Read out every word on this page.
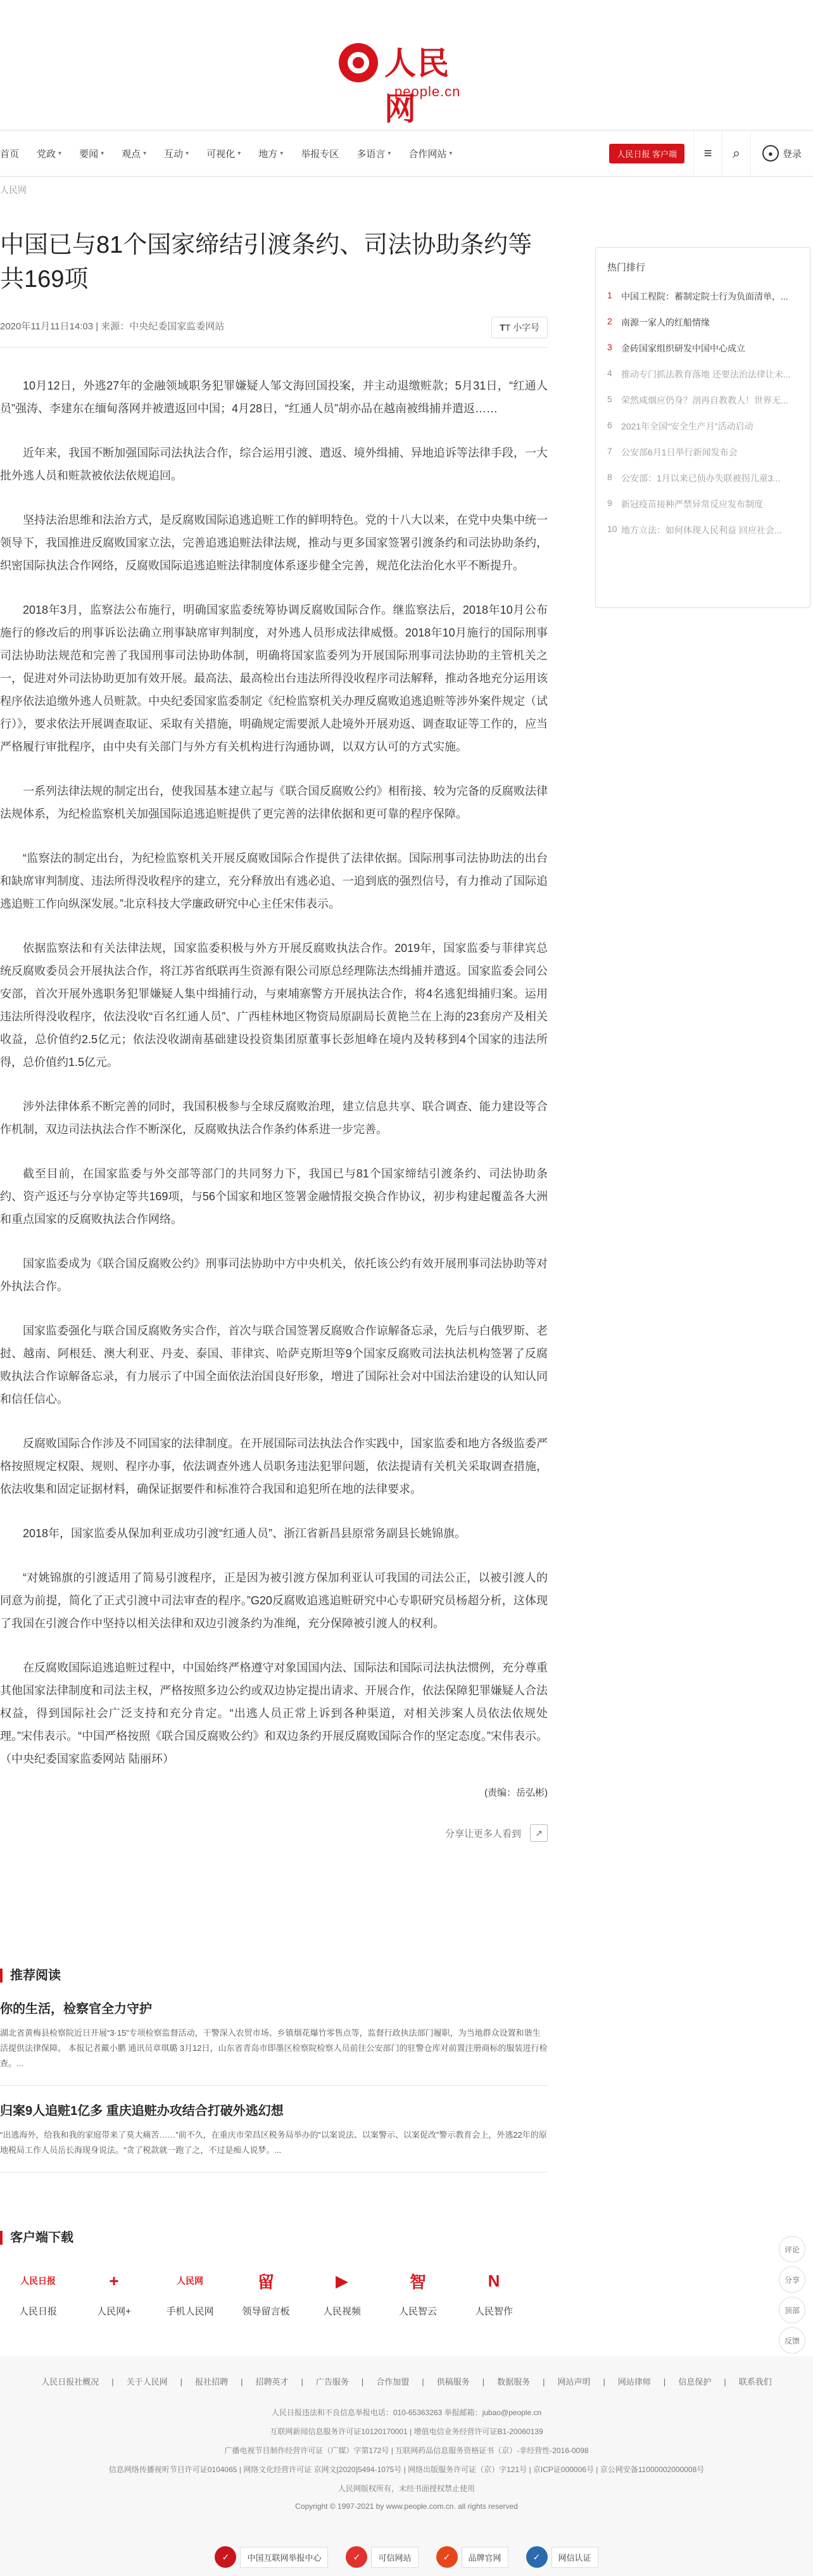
人民网
people.cn
首页 党政 ▾ 要闻 ▾ 观点 ▾ 互动 ▾ 可视化 ▾ 地方 ▾ 举报专区 多语言 ▾ 合作网站 ▾	人民日报 客户端	≡	⌕	●	登录
人民网
中国已与81个国家缔结引渡条约、司法协助条约等共169项
2020年11月11日14:03 | 来源：中央纪委国家监委网站	TT 小字号

10月12日，外逃27年的金融领域职务犯罪嫌疑人邹文海回国投案，并主动退缴赃款；5月31日，“红通人员”强涛、李建东在缅甸落网并被遣返回中国；4月28日，“红通人员”胡亦品在越南被缉捕并遣返……

近年来，我国不断加强国际司法执法合作，综合运用引渡、遣返、境外缉捕、异地追诉等法律手段，一大批外逃人员和赃款被依法依规追回。

坚持法治思维和法治方式，是反腐败国际追逃追赃工作的鲜明特色。党的十八大以来，在党中央集中统一领导下，我国推进反腐败国家立法，完善追逃追赃法律法规，推动与更多国家签署引渡条约和司法协助条约，织密国际执法合作网络，反腐败国际追逃追赃法律制度体系逐步健全完善，规范化法治化水平不断提升。

2018年3月，监察法公布施行，明确国家监委统筹协调反腐败国际合作。继监察法后，2018年10月公布施行的修改后的刑事诉讼法确立刑事缺席审判制度，对外逃人员形成法律威慑。2018年10月施行的国际刑事司法协助法规范和完善了我国刑事司法协助体制，明确将国家监委列为开展国际刑事司法协助的主管机关之一，促进对外司法协助更加有效开展。最高法、最高检出台违法所得没收程序司法解释，推动各地充分运用该程序依法追缴外逃人员赃款。中央纪委国家监委制定《纪检监察机关办理反腐败追逃追赃等涉外案件规定（试行）》，要求依法开展调查取证、采取有关措施，明确规定需要派人赴境外开展劝返、调查取证等工作的，应当严格履行审批程序，由中央有关部门与外方有关机构进行沟通协调，以双方认可的方式实施。

一系列法律法规的制定出台，使我国基本建立起与《联合国反腐败公约》相衔接、较为完备的反腐败法律法规体系，为纪检监察机关加强国际追逃追赃提供了更完善的法律依据和更可靠的程序保障。

“监察法的制定出台，为纪检监察机关开展反腐败国际合作提供了法律依据。国际刑事司法协助法的出台和缺席审判制度、违法所得没收程序的建立，充分释放出有逃必追、一追到底的强烈信号，有力推动了国际追逃追赃工作向纵深发展。”北京科技大学廉政研究中心主任宋伟表示。

依据监察法和有关法律法规，国家监委积极与外方开展反腐败执法合作。2019年，国家监委与菲律宾总统反腐败委员会开展执法合作，将江苏省纸联再生资源有限公司原总经理陈法杰缉捕并遣返。国家监委会同公安部，首次开展外逃职务犯罪嫌疑人集中缉捕行动，与柬埔寨警方开展执法合作，将4名逃犯缉捕归案。运用违法所得没收程序，依法没收“百名红通人员”、广西桂林地区物资局原副局长黄艳兰在上海的23套房产及相关收益，总价值约2.5亿元；依法没收湖南基础建设投资集团原董事长彭旭峰在境内及转移到4个国家的违法所得，总价值约1.5亿元。

涉外法律体系不断完善的同时，我国积极参与全球反腐败治理，建立信息共享、联合调查、能力建设等合作机制，双边司法执法合作不断深化，反腐败执法合作条约体系进一步完善。

截至目前，在国家监委与外交部等部门的共同努力下，我国已与81个国家缔结引渡条约、司法协助条约、资产返还与分享协定等共169项，与56个国家和地区签署金融情报交换合作协议，初步构建起覆盖各大洲和重点国家的反腐败执法合作网络。

国家监委成为《联合国反腐败公约》刑事司法协助中方中央机关，依托该公约有效开展刑事司法协助等对外执法合作。

国家监委强化与联合国反腐败务实合作，首次与联合国签署反腐败合作谅解备忘录，先后与白俄罗斯、老挝、越南、阿根廷、澳大利亚、丹麦、泰国、菲律宾、哈萨克斯坦等9个国家反腐败司法执法机构签署了反腐败执法合作谅解备忘录，有力展示了中国全面依法治国良好形象，增进了国际社会对中国法治建设的认知认同和信任信心。

反腐败国际合作涉及不同国家的法律制度。在开展国际司法执法合作实践中，国家监委和地方各级监委严格按照规定权限、规则、程序办事，依法调查外逃人员职务违法犯罪问题，依法提请有关机关采取调查措施，依法收集和固定证据材料，确保证据要件和标准符合我国和追犯所在地的法律要求。

2018年，国家监委从保加利亚成功引渡“红通人员”、浙江省新昌县原常务副县长姚锦旗。

“对姚锦旗的引渡适用了简易引渡程序，正是因为被引渡方保加利亚认可我国的司法公正，以被引渡人的同意为前提，简化了正式引渡中司法审查的程序。”G20反腐败追逃追赃研究中心专职研究员杨超分析，这体现了我国在引渡合作中坚持以相关法律和双边引渡条约为准绳，充分保障被引渡人的权利。

在反腐败国际追逃追赃过程中，中国始终严格遵守对象国国内法、国际法和国际司法执法惯例，充分尊重其他国家法律制度和司法主权，严格按照多边公约或双边协定提出请求、开展合作，依法保障犯罪嫌疑人合法权益，得到国际社会广泛支持和充分肯定。“出逃人员正常上诉到各种渠道，对相关涉案人员依法依规处理。”宋伟表示。“中国严格按照《联合国反腐败公约》和双边条约开展反腐败国际合作的坚定态度。”宋伟表示。（中央纪委国家监委网站 陆丽环）

(责编：岳弘彬)
分享让更多人看到	↗
热门排行
1	中国工程院：蓄制定院士行为负面清单，...
2	南源一家人的红船情缘
3	金砖国家组织研发中国中心成立
4	推动专门抓法教育落地 还要法治法律让未...
5	荣然咸烟应仍身？剖再自教教人！世界无...
6	2021年全国“安全生产月”活动启动
7	公安部6月1日举行新闻发布会
8	公安部：1月以来已侦办失联被拐儿童3...
9	新冠疫苗接种严禁异常反应发布制度
10 地方立法：如何体现人民利益 回应社会...
推荐阅读
你的生活，检察官全力守护
湖北省黄梅县检察院近日开展“3·15”专项检察监督活动，干警深入农贸市场、乡镇烟花爆竹零售点等，监督行政执法部门履职，为当地群众设置和谐生活提供法律保障。 本报记者戴小鹏 通讯员章琪璐 3月12日，山东省青岛市即墨区检察院检察人员前往公安部门的驻警仓库对前置注册商标的服装进行检查。...
归案9人追赃1亿多 重庆追赃办攻结合打破外逃幻想
“出逃海外，给我和我的家庭带来了莫大痛苦……”前不久，在重庆市荣昌区税务局举办的“以案说法、以案警示、以案促改”警示教育会上，外逃22年的原地税局工作人员岳长海现身说法。“贪了税款就一跑了之，不过是痴人说梦。...
客户端下载
人民日报
人民日报
+
人民网+
人民网
手机人民网
留
领导留言板
▶
人民视频
智
人民智云
N
人民智作
评论
分享
顶部
反馈
人民日报社概况 | 关于人民网 | 报社招聘 | 招聘英才 | 广告服务 | 合作加盟 | 供稿服务 | 数据服务 | 网站声明 | 网站律师 | 信息保护 | 联系我们
人民日报违法和不良信息举报电话：010-65363263 举报邮箱：jubao@people.cn
互联网新闻信息服务许可证10120170001 | 增值电信业务经营许可证B1-20060139
广播电视节目制作经营许可证（广媒）字第172号 | 互联网药品信息服务资格证书（京）-非经营性-2016-0098
信息网络传播视听节目许可证0104065 | 网络文化经营许可证 京网文[2020]5494-1075号 | 网络出版服务许可证（京）字121号 | 京ICP证000006号 | 京公网安备11000002000008号
人民网版权所有，未经书面授权禁止使用
Copyright © 1997-2021 by www.people.com.cn. all rights reserved
✓	中国互联网举报中心	✓	可信网站	✓	品牌官网	✓	网信认证
